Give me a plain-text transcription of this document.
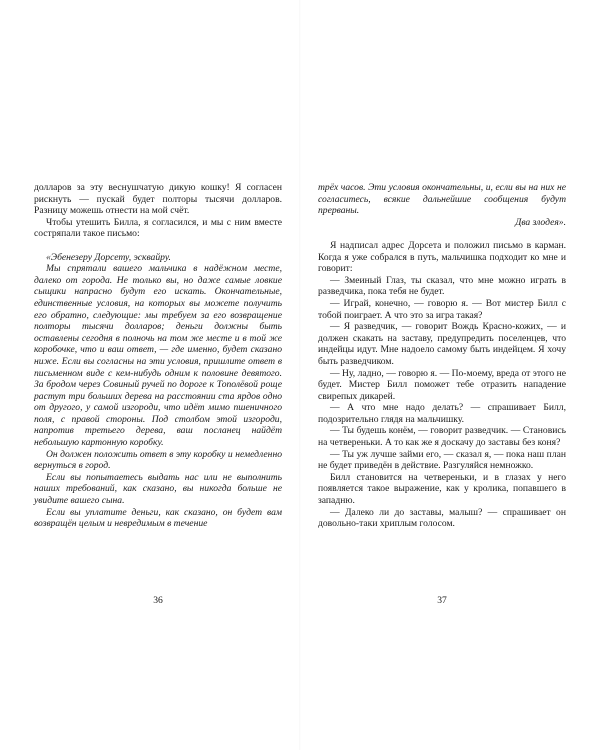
долларов за эту веснушчатую дикую кошку! Я согласен рискнуть — пускай будет полторы тысячи долларов. Разницу можешь отнести на мой счёт.

Чтобы утешить Билла, я согласился, и мы с ним вместе состряпали такое письмо:

«Эбенезеру Дорсету, эсквайру.

Мы спрятали вашего мальчика в надёжном месте, далеко от города. Не только вы, но даже самые ловкие сыщики напрасно будут его искать. Окончательные, единственные условия, на которых вы можете получить его обратно, следующие: мы требуем за его возвращение полторы тысячи долларов; деньги должны быть оставлены сегодня в полночь на том же месте и в той же коробочке, что и ваш ответ, — где именно, будет сказано ниже. Если вы согласны на эти условия, пришлите ответ в письменном виде с кем-нибудь одним к половине девятого. За бродом через Совиный ручей по дороге к Тополёвой роще растут три больших дерева на расстоянии ста ярдов одно от другого, у самой изгороди, что идёт мимо пшеничного поля, с правой стороны. Под столбом этой изгороди, напротив третьего дерева, ваш посланец найдёт небольшую картонную коробку.

Он должен положить ответ в эту коробку и немедленно вернуться в город.

Если вы попытаетесь выдать нас или не выполнить наших требований, как сказано, вы никогда больше не увидите вашего сына.

Если вы уплатите деньги, как сказано, он будет вам возвращён целым и невредимым в течение

36

трёх часов. Эти условия окончательны, и, если вы на них не согласитесь, всякие дальнейшие сообщения будут прерваны.

Два злодея».

Я надписал адрес Дорсета и положил письмо в карман. Когда я уже собрался в путь, мальчишка подходит ко мне и говорит:

— Змеиный Глаз, ты сказал, что мне можно играть в разведчика, пока тебя не будет.

— Играй, конечно, — говорю я. — Вот мистер Билл с тобой поиграет. А что это за игра такая?

— Я разведчик, — говорит Вождь Красно-кожих, — и должен скакать на заставу, предупредить поселенцев, что индейцы идут. Мне надоело самому быть индейцем. Я хочу быть разведчиком.

— Ну, ладно, — говорю я. — По-моему, вреда от этого не будет. Мистер Билл поможет тебе отразить нападение свирепых дикарей.

— А что мне надо делать? — спрашивает Билл, подозрительно глядя на мальчишку.

— Ты будешь конём, — говорит разведчик. — Становись на четвереньки. А то как же я доскачу до заставы без коня?

— Ты уж лучше займи его, — сказал я, — пока наш план не будет приведён в действие. Разгуляйся немножко.

Билл становится на четвереньки, и в глазах у него появляется такое выражение, как у кролика, попавшего в западню.

— Далеко ли до заставы, малыш? — спрашивает он довольно-таки хриплым голосом.

37
